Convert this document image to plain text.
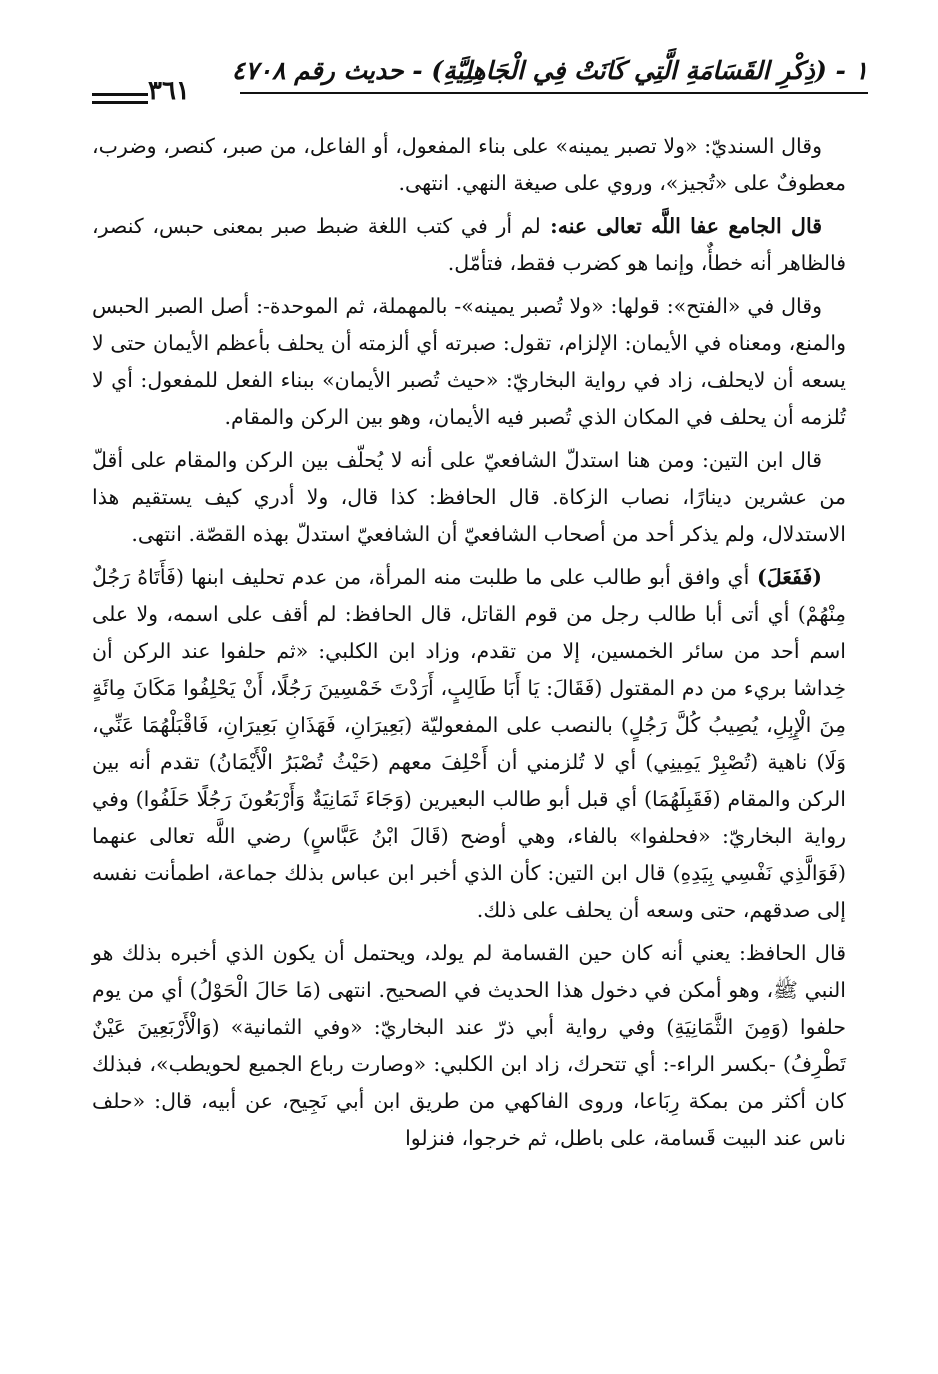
١ - (ذِكْرِ القَسَامَةِ الَّتِي كَانَتْ فِي الْجَاهِلِيَّةِ) - حديث رقم ٤٧٠٨
٣٦١

وقال السنديّ: «ولا تصبر يمينه» على بناء المفعول، أو الفاعل، من صبر، كنصر، وضرب، معطوفٌ على «تُجيز»، وروي على صيغة النهي. انتهى.

قال الجامع عفا اللَّه تعالى عنه: لم أر في كتب اللغة ضبط صبر بمعنى حبس، كنصر، فالظاهر أنه خطأٌ، وإنما هو كضرب فقط، فتأمّل.

وقال في «الفتح»: قولها: «ولا تُصبر يمينه»- بالمهملة، ثم الموحدة-: أصل الصبر الحبس والمنع، ومعناه في الأيمان: الإلزام، تقول: صبرته أي ألزمته أن يحلف بأعظم الأيمان حتى لا يسعه أن لايحلف، زاد في رواية البخاريّ: «حيث تُصبر الأيمان» ببناء الفعل للمفعول: أي لا تُلزمه أن يحلف في المكان الذي تُصبر فيه الأيمان، وهو بين الركن والمقام.

قال ابن التين: ومن هنا استدلّ الشافعيّ على أنه لا يُحلّف بين الركن والمقام على أقلّ من عشرين دينارًا، نصاب الزكاة. قال الحافظ: كذا قال، ولا أدري كيف يستقيم هذا الاستدلال، ولم يذكر أحد من أصحاب الشافعيّ أن الشافعيّ استدلّ بهذه القصّة. انتهى.

(فَفَعَلَ) أي وافق أبو طالب على ما طلبت منه المرأة، من عدم تحليف ابنها (فَأَتَاهُ رَجُلٌ مِنْهُمْ) أي أتى أبا طالب رجل من قوم القاتل، قال الحافظ: لم أقف على اسمه، ولا على اسم أحد من سائر الخمسين، إلا من تقدم، وزاد ابن الكلبي: «ثم حلفوا عند الركن أن خِداشا بريء من دم المقتول (فَقَالَ: يَا أَبَا طَالِبٍ، أَرَدْتَ خَمْسِينَ رَجُلًا، أَنْ يَحْلِفُوا مَكَانَ مِائَةٍ مِنَ الْإِبِلِ، يُصِيبُ كُلَّ رَجُلٍ) بالنصب على المفعوليّة (بَعِيرَانِ، فَهَذَانِ بَعِيرَانِ، فَاقْبَلْهُمَا عَنِّي، وَلَا) ناهية (تُصْبِرْ يَمِينِي) أي لا تُلزمني أن أَحْلِفَ معهم (حَيْثُ تُصْبَرُ الْأَيْمَانُ) تقدم أنه بين الركن والمقام (فَقَبِلَهُمَا) أي قبل أبو طالب البعيرين (وَجَاءَ ثَمَانِيَةٌ وَأَرْبَعُونَ رَجُلًا حَلَفُوا) وفي رواية البخاريّ: «فحلفوا» بالفاء، وهي أوضح (قَالَ ابْنُ عَبَّاسٍ) رضي اللَّه تعالى عنهما (فَوَالَّذِي نَفْسِي بِيَدِهِ) قال ابن التين: كأن الذي أخبر ابن عباس بذلك جماعة، اطمأنت نفسه إلى صدقهم، حتى وسعه أن يحلف على ذلك.

قال الحافظ: يعني أنه كان حين القسامة لم يولد، ويحتمل أن يكون الذي أخبره بذلك هو النبي ﷺ، وهو أمكن في دخول هذا الحديث في الصحيح. انتهى (مَا حَالَ الْحَوْلُ) أي من يوم حلفوا (وَمِنَ الثَّمَانِيَةِ) وفي رواية أبي ذرّ عند البخاريّ: «وفي الثمانية» (وَالْأَرْبَعِينَ عَيْنٌ تَطْرِفُ) -بكسر الراء-: أي تتحرك، زاد ابن الكلبي: «وصارت رباع الجميع لحويطب»، فبذلك كان أكثر من بمكة رِبَاعا، وروى الفاكهي من طريق ابن أبي نَجِيح، عن أبيه، قال: «حلف ناس عند البيت قَسامة، على باطل، ثم خرجوا، فنزلوا
